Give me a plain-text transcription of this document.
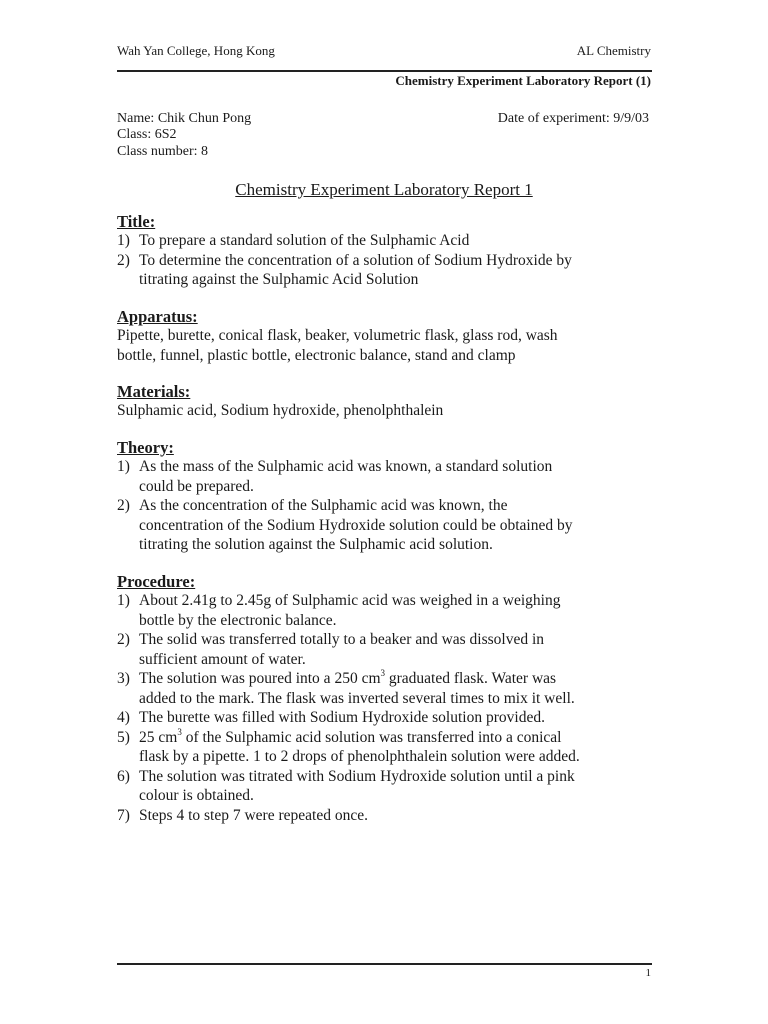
Wah Yan College, Hong Kong	AL Chemistry
Chemistry Experiment Laboratory Report (1)
Name: Chik Chun Pong
Class: 6S2
Class number: 8
Date of experiment: 9/9/03
Chemistry Experiment Laboratory Report 1
Title:
1) To prepare a standard solution of the Sulphamic Acid
2) To determine the concentration of a solution of Sodium Hydroxide by
titrating against the Sulphamic Acid Solution
Apparatus:
Pipette, burette, conical flask, beaker, volumetric flask, glass rod, wash
bottle, funnel, plastic bottle, electronic balance, stand and clamp
Materials:
Sulphamic acid, Sodium hydroxide, phenolphthalein
Theory:
1) As the mass of the Sulphamic acid was known, a standard solution
could be prepared.
2) As the concentration of the Sulphamic acid was known, the
concentration of the Sodium Hydroxide solution could be obtained by
titrating the solution against the Sulphamic acid solution.
Procedure:
1) About 2.41g to 2.45g of Sulphamic acid was weighed in a weighing
bottle by the electronic balance.
2) The solid was transferred totally to a beaker and was dissolved in
sufficient amount of water.
3) The solution was poured into a 250 $cm^3$ graduated flask. Water was
added to the mark. The flask was inverted several times to mix it well.
4) The burette was filled with Sodium Hydroxide solution provided.
5) 25 $cm^3$ of the Sulphamic acid solution was transferred into a conical
flask by a pipette. 1 to 2 drops of phenolphthalein solution were added.
6) The solution was titrated with Sodium Hydroxide solution until a pink
colour is obtained.
7) Steps 4 to step 7 were repeated once.
1
